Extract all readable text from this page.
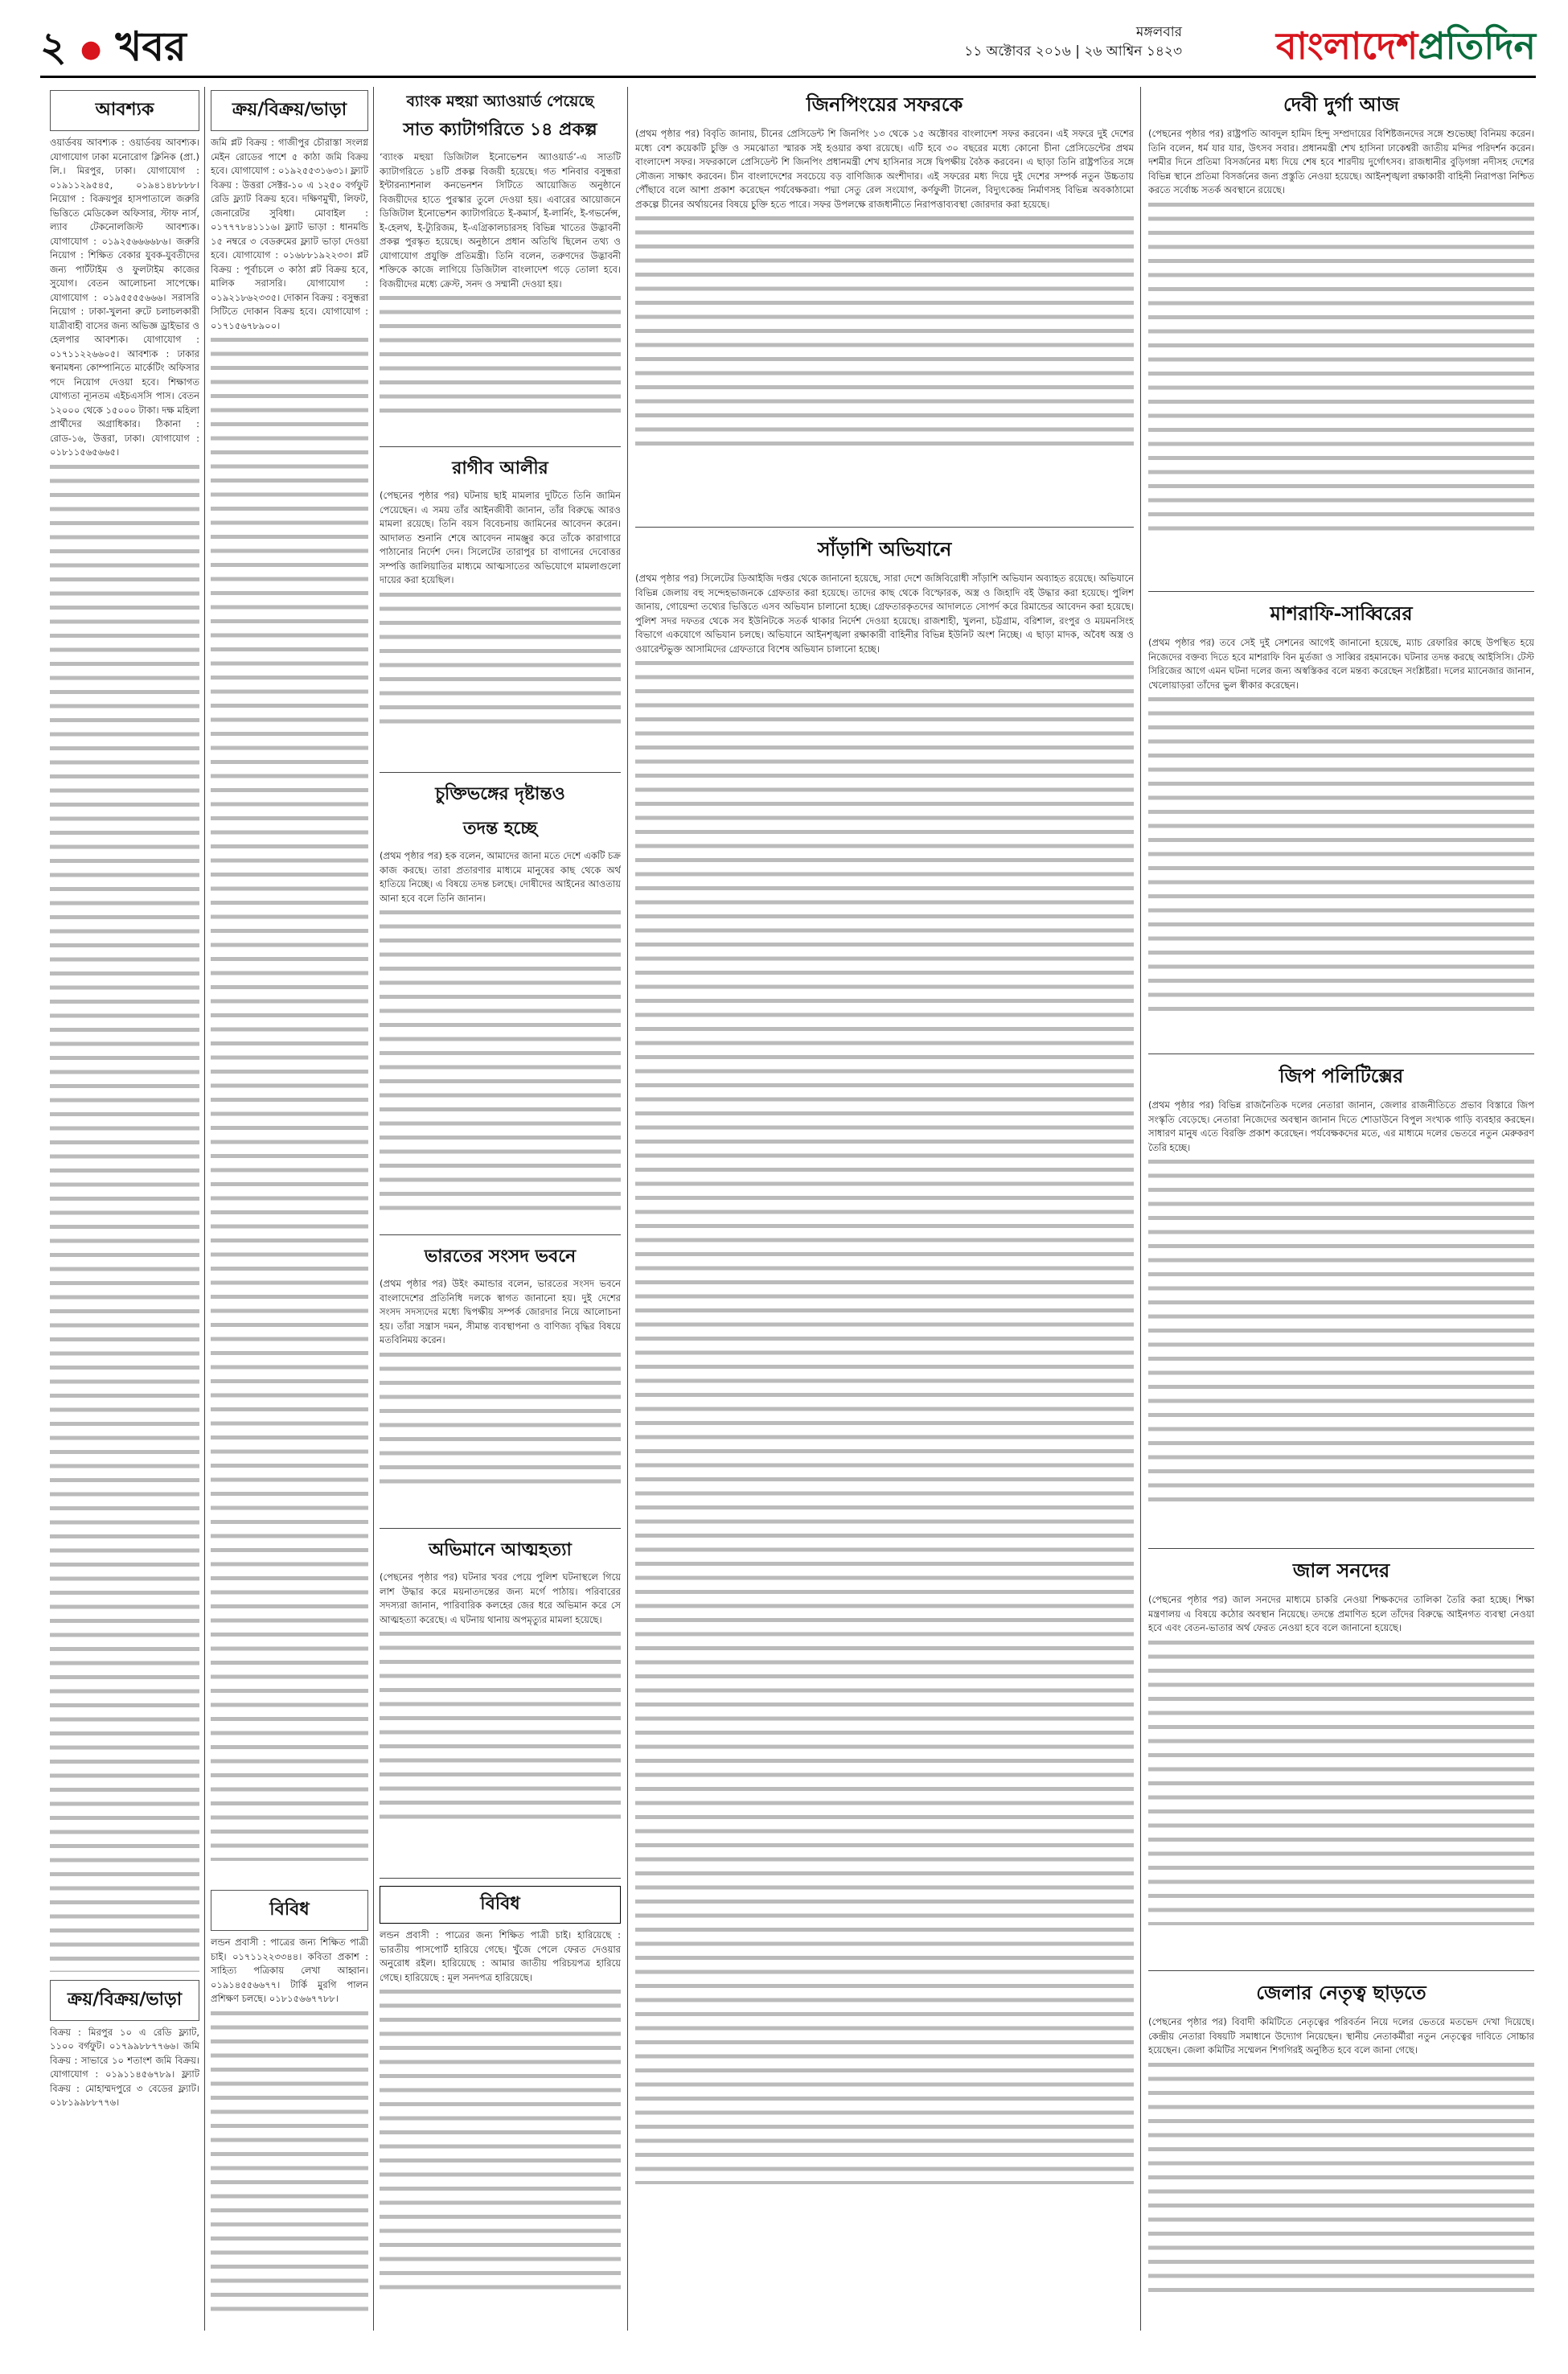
২ ● খবর	মঙ্গলবার
১১ অক্টোবর ২০১৬ | ২৬ আশ্বিন ১৪২৩	বাংলাদেশপ্রতিদিন
আবশ্যক
ওয়ার্ডবয় আবশ্যক : ওয়ার্ডবয় আবশ্যক। যোগাযোগ ঢাকা মনোরোগ ক্লিনিক (প্রা.) লি.। মিরপুর, ঢাকা। যোগাযোগ : ০১৯১১২৯৫৪৫, ০১৯৪১৪৮৮৮৮। নিয়োগ : বিক্রয়পুর হাসপাতালে জরুরি ভিত্তিতে মেডিকেল অফিসার, স্টাফ নার্স, ল্যাব টেকনোলজিস্ট আবশ্যক। যোগাযোগ : ০১৯২৫৬৬৬৬৮৬। জরুরি নিয়োগ : শিক্ষিত বেকার যুবক-যুবতীদের জন্য পার্টটাইম ও ফুলটাইম কাজের সুযোগ। বেতন আলোচনা সাপেক্ষে। যোগাযোগ : ০১৯৫৫৫৫৬৬৬। সরাসরি নিয়োগ : ঢাকা-খুলনা রুটে চলাচলকারী যাত্রীবাহী বাসের জন্য অভিজ্ঞ ড্রাইভার ও হেলপার আবশ্যক। যোগাযোগ : ০১৭১১২২৬৬০৫। আবশ্যক : ঢাকার স্বনামধন্য কোম্পানিতে মার্কেটিং অফিসার পদে নিয়োগ দেওয়া হবে। শিক্ষাগত যোগ্যতা ন্যূনতম এইচএসসি পাস। বেতন ১২০০০ থেকে ১৫০০০ টাকা। দক্ষ মহিলা প্রার্থীদের অগ্রাধিকার। ঠিকানা : রোড-১৬, উত্তরা, ঢাকা। যোগাযোগ : ০১৮১১৫৬৫৬৬৫।
ক্রয়/বিক্রয়/ভাড়া
বিক্রয় : মিরপুর ১০ এ রেডি ফ্ল্যাট, ১১০০ বর্গফুট। ০১৭৯৯৮৮৭৭৬৬। জমি বিক্রয় : সাভারে ১০ শতাংশ জমি বিক্রয়। যোগাযোগ : ০১৯১১৪৫৬৭৮৯। ফ্ল্যাট বিক্রয় : মোহাম্মদপুরে ৩ বেডের ফ্ল্যাট। ০১৮১৯৯৮৮৭৭৬।
ক্রয়/বিক্রয়/ভাড়া
জমি প্লট বিক্রয় : গাজীপুর চৌরাস্তা সংলগ্ন মেইন রোডের পাশে ৫ কাঠা জমি বিক্রয় হবে। যোগাযোগ : ০১৯২৫৫৩১৬৩১। ফ্ল্যাট বিক্রয় : উত্তরা সেক্টর-১০ এ ১২৫০ বর্গফুট রেডি ফ্ল্যাট বিক্রয় হবে। দক্ষিণমুখী, লিফট, জেনারেটর সুবিধা। মোবাইল : ০১৭৭৭৮৪১১১৬। ফ্ল্যাট ভাড়া : ধানমন্ডি ১৫ নম্বরে ৩ বেডরুমের ফ্ল্যাট ভাড়া দেওয়া হবে। যোগাযোগ : ০১৬৮৮১৯২২৩৩। প্লট বিক্রয় : পূর্বাচলে ৩ কাঠা প্লট বিক্রয় হবে, মালিক সরাসরি। যোগাযোগ : ০১৯২১৮৬২৩৩৫। দোকান বিক্রয় : বসুন্ধরা সিটিতে দোকান বিক্রয় হবে। যোগাযোগ : ০১৭১৫৬৭৮৯০০।
বিবিধ
লন্ডন প্রবাসী : পাত্রের জন্য শিক্ষিত পাত্রী চাই। ০১৭১১২২৩৩৪৪। কবিতা প্রকাশ : সাহিত্য পত্রিকায় লেখা আহ্বান। ০১৯১৪৫৫৬৬৭৭। টার্কি মুরগি পালন প্রশিক্ষণ চলছে। ০১৮১৫৬৬৭৭৮৮।
ব্যাংক মহুয়া অ্যাওয়ার্ড পেয়েছে
সাত ক্যাটাগরিতে ১৪ প্রকল্প
‘ব্যাংক মহুয়া ডিজিটাল ইনোভেশন অ্যাওয়ার্ড’-এ সাতটি ক্যাটাগরিতে ১৪টি প্রকল্প বিজয়ী হয়েছে। গত শনিবার বসুন্ধরা ইন্টারন্যাশনাল কনভেনশন সিটিতে আয়োজিত অনুষ্ঠানে বিজয়ীদের হাতে পুরস্কার তুলে দেওয়া হয়। এবারের আয়োজনে ডিজিটাল ইনোভেশন ক্যাটাগরিতে ই-কমার্স, ই-লার্নিং, ই-গভর্নেন্স, ই-হেলথ, ই-ট্যুরিজম, ই-এগ্রিকালচারসহ বিভিন্ন খাতের উদ্ভাবনী প্রকল্প পুরস্কৃত হয়েছে। অনুষ্ঠানে প্রধান অতিথি ছিলেন তথ্য ও যোগাযোগ প্রযুক্তি প্রতিমন্ত্রী। তিনি বলেন, তরুণদের উদ্ভাবনী শক্তিকে কাজে লাগিয়ে ডিজিটাল বাংলাদেশ গড়ে তোলা হবে। বিজয়ীদের মধ্যে ক্রেস্ট, সনদ ও সম্মানী দেওয়া হয়।
রাগীব আলীর
(পেছনের পৃষ্ঠার পর) ঘটনায় ছাই মামলার দুটিতে তিনি জামিন পেয়েছেন। এ সময় তাঁর আইনজীবী জানান, তাঁর বিরুদ্ধে আরও মামলা রয়েছে। তিনি বয়স বিবেচনায় জামিনের আবেদন করেন। আদালত শুনানি শেষে আবেদন নামঞ্জুর করে তাঁকে কারাগারে পাঠানোর নির্দেশ দেন। সিলেটের তারাপুর চা বাগানের দেবোত্তর সম্পত্তি জালিয়াতির মাধ্যমে আত্মসাতের অভিযোগে মামলাগুলো দায়ের করা হয়েছিল।
চুক্তিভঙ্গের দৃষ্টান্তও
তদন্ত হচ্ছে
(প্রথম পৃষ্ঠার পর) হক বলেন, আমাদের জানা মতে দেশে একটি চক্র কাজ করছে। তারা প্রতারণার মাধ্যমে মানুষের কাছ থেকে অর্থ হাতিয়ে নিচ্ছে। এ বিষয়ে তদন্ত চলছে। দোষীদের আইনের আওতায় আনা হবে বলে তিনি জানান।
ভারতের সংসদ ভবনে
(প্রথম পৃষ্ঠার পর) উইং কমান্ডার বলেন, ভারতের সংসদ ভবনে বাংলাদেশের প্রতিনিধি দলকে স্বাগত জানানো হয়। দুই দেশের সংসদ সদস্যদের মধ্যে দ্বিপক্ষীয় সম্পর্ক জোরদার নিয়ে আলোচনা হয়। তাঁরা সন্ত্রাস দমন, সীমান্ত ব্যবস্থাপনা ও বাণিজ্য বৃদ্ধির বিষয়ে মতবিনিময় করেন।
অভিমানে আত্মহত্যা
(পেছনের পৃষ্ঠার পর) ঘটনার খবর পেয়ে পুলিশ ঘটনাস্থলে গিয়ে লাশ উদ্ধার করে ময়নাতদন্তের জন্য মর্গে পাঠায়। পরিবারের সদস্যরা জানান, পারিবারিক কলহের জের ধরে অভিমান করে সে আত্মহত্যা করেছে। এ ঘটনায় থানায় অপমৃত্যুর মামলা হয়েছে।
বিবিধ
লন্ডন প্রবাসী : পাত্রের জন্য শিক্ষিত পাত্রী চাই। হারিয়েছে : ভারতীয় পাসপোর্ট হারিয়ে গেছে। খুঁজে পেলে ফেরত দেওয়ার অনুরোধ রইল। হারিয়েছে : আমার জাতীয় পরিচয়পত্র হারিয়ে গেছে। হারিয়েছে : মূল সনদপত্র হারিয়েছে।
জিনপিংয়ের সফরকে
(প্রথম পৃষ্ঠার পর) বিবৃতি জানায়, চীনের প্রেসিডেন্ট শি জিনপিং ১৩ থেকে ১৫ অক্টোবর বাংলাদেশ সফর করবেন। এই সফরে দুই দেশের মধ্যে বেশ কয়েকটি চুক্তি ও সমঝোতা স্মারক সই হওয়ার কথা রয়েছে। এটি হবে ৩০ বছরের মধ্যে কোনো চীনা প্রেসিডেন্টের প্রথম বাংলাদেশ সফর। সফরকালে প্রেসিডেন্ট শি জিনপিং প্রধানমন্ত্রী শেখ হাসিনার সঙ্গে দ্বিপক্ষীয় বৈঠক করবেন। এ ছাড়া তিনি রাষ্ট্রপতির সঙ্গে সৌজন্য সাক্ষাৎ করবেন। চীন বাংলাদেশের সবচেয়ে বড় বাণিজ্যিক অংশীদার। এই সফরের মধ্য দিয়ে দুই দেশের সম্পর্ক নতুন উচ্চতায় পৌঁছাবে বলে আশা প্রকাশ করেছেন পর্যবেক্ষকরা। পদ্মা সেতু রেল সংযোগ, কর্ণফুলী টানেল, বিদ্যুৎকেন্দ্র নির্মাণসহ বিভিন্ন অবকাঠামো প্রকল্পে চীনের অর্থায়নের বিষয়ে চুক্তি হতে পারে। সফর উপলক্ষে রাজধানীতে নিরাপত্তাব্যবস্থা জোরদার করা হয়েছে।
সাঁড়াশি অভিযানে
(প্রথম পৃষ্ঠার পর) সিলেটের ডিআইজি দপ্তর থেকে জানানো হয়েছে, সারা দেশে জঙ্গিবিরোধী সাঁড়াশি অভিযান অব্যাহত রয়েছে। অভিযানে বিভিন্ন জেলায় বহু সন্দেহভাজনকে গ্রেফতার করা হয়েছে। তাদের কাছ থেকে বিস্ফোরক, অস্ত্র ও জিহাদি বই উদ্ধার করা হয়েছে। পুলিশ জানায়, গোয়েন্দা তথ্যের ভিত্তিতে এসব অভিযান চালানো হচ্ছে। গ্রেফতারকৃতদের আদালতে সোপর্দ করে রিমান্ডের আবেদন করা হয়েছে। পুলিশ সদর দফতর থেকে সব ইউনিটকে সতর্ক থাকার নির্দেশ দেওয়া হয়েছে। রাজশাহী, খুলনা, চট্টগ্রাম, বরিশাল, রংপুর ও ময়মনসিংহ বিভাগে একযোগে অভিযান চলছে। অভিযানে আইনশৃঙ্খলা রক্ষাকারী বাহিনীর বিভিন্ন ইউনিট অংশ নিচ্ছে। এ ছাড়া মাদক, অবৈধ অস্ত্র ও ওয়ারেন্টভুক্ত আসামিদের গ্রেফতারে বিশেষ অভিযান চালানো হচ্ছে।
দেবী দুর্গা আজ
(পেছনের পৃষ্ঠার পর) রাষ্ট্রপতি আবদুল হামিদ হিন্দু সম্প্রদায়ের বিশিষ্টজনদের সঙ্গে শুভেচ্ছা বিনিময় করেন। তিনি বলেন, ধর্ম যার যার, উৎসব সবার। প্রধানমন্ত্রী শেখ হাসিনা ঢাকেশ্বরী জাতীয় মন্দির পরিদর্শন করেন। দশমীর দিনে প্রতিমা বিসর্জনের মধ্য দিয়ে শেষ হবে শারদীয় দুর্গোৎসব। রাজধানীর বুড়িগঙ্গা নদীসহ দেশের বিভিন্ন স্থানে প্রতিমা বিসর্জনের জন্য প্রস্তুতি নেওয়া হয়েছে। আইনশৃঙ্খলা রক্ষাকারী বাহিনী নিরাপত্তা নিশ্চিত করতে সর্বোচ্চ সতর্ক অবস্থানে রয়েছে।
মাশরাফি-সাব্বিরের
(প্রথম পৃষ্ঠার পর) তবে সেই দুই সেশনের আগেই জানানো হয়েছে, ম্যাচ রেফারির কাছে উপস্থিত হয়ে নিজেদের বক্তব্য দিতে হবে মাশরাফি বিন মুর্তজা ও সাব্বির রহমানকে। ঘটনার তদন্ত করছে আইসিসি। টেস্ট সিরিজের আগে এমন ঘটনা দলের জন্য অস্বস্তিকর বলে মন্তব্য করেছেন সংশ্লিষ্টরা। দলের ম্যানেজার জানান, খেলোয়াড়রা তাঁদের ভুল স্বীকার করেছেন।
জিপ পলিটিক্সের
(প্রথম পৃষ্ঠার পর) বিভিন্ন রাজনৈতিক দলের নেতারা জানান, জেলার রাজনীতিতে প্রভাব বিস্তারে জিপ সংস্কৃতি বেড়েছে। নেতারা নিজেদের অবস্থান জানান দিতে শোডাউনে বিপুল সংখ্যক গাড়ি ব্যবহার করছেন। সাধারণ মানুষ এতে বিরক্তি প্রকাশ করেছেন। পর্যবেক্ষকদের মতে, এর মাধ্যমে দলের ভেতরে নতুন মেরুকরণ তৈরি হচ্ছে।
জাল সনদের
(পেছনের পৃষ্ঠার পর) জাল সনদের মাধ্যমে চাকরি নেওয়া শিক্ষকদের তালিকা তৈরি করা হচ্ছে। শিক্ষা মন্ত্রণালয় এ বিষয়ে কঠোর অবস্থান নিয়েছে। তদন্তে প্রমাণিত হলে তাঁদের বিরুদ্ধে আইনগত ব্যবস্থা নেওয়া হবে এবং বেতন-ভাতার অর্থ ফেরত নেওয়া হবে বলে জানানো হয়েছে।
জেলার নেতৃত্ব ছাড়তে
(পেছনের পৃষ্ঠার পর) বিবাদী কমিটিতে নেতৃত্বের পরিবর্তন নিয়ে দলের ভেতরে মতভেদ দেখা দিয়েছে। কেন্দ্রীয় নেতারা বিষয়টি সমাধানে উদ্যোগ নিয়েছেন। স্থানীয় নেতাকর্মীরা নতুন নেতৃত্বের দাবিতে সোচ্চার হয়েছেন। জেলা কমিটির সম্মেলন শিগগিরই অনুষ্ঠিত হবে বলে জানা গেছে।
